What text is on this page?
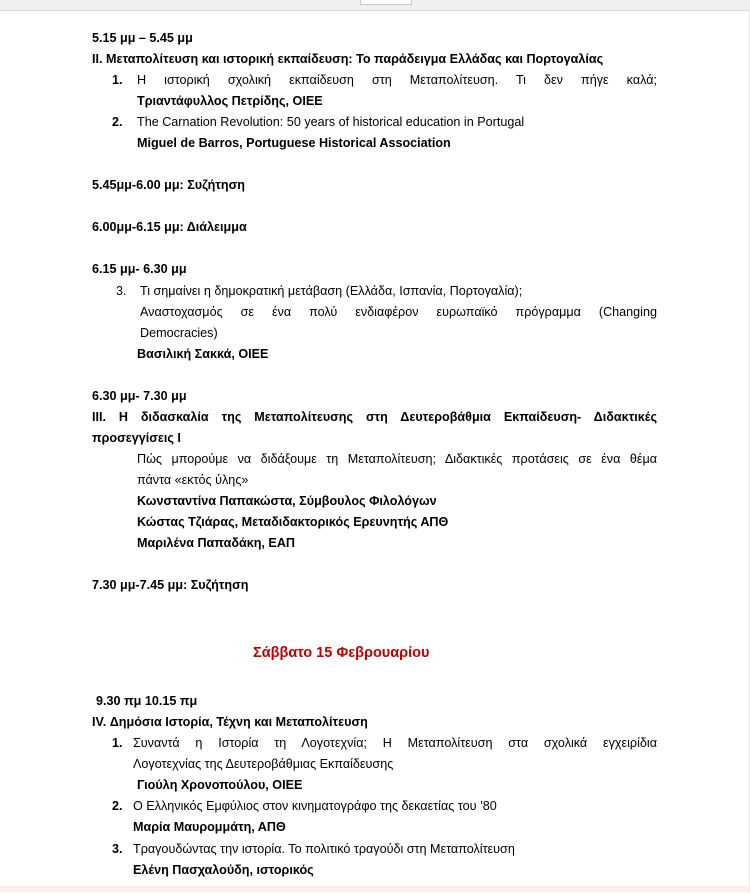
5.15 μμ – 5.45 μμ
ΙΙ. Μεταπολίτευση και ιστορική εκπαίδευση: Το παράδειγμα Ελλάδας και Πορτογαλίας
1. Η ιστορική σχολική εκπαίδευση στη Μεταπολίτευση. Τι δεν πήγε καλά;
Τριαντάφυλλος Πετρίδης, ΟΙΕΕ
2. The Carnation Revolution: 50 years of historical education in Portugal
Miguel de Barros, Portuguese Historical Association
5.45μμ-6.00 μμ: Συζήτηση
6.00μμ-6.15 μμ: Διάλειμμα
6.15 μμ- 6.30 μμ
3. Τι σημαίνει η δημοκρατική μετάβαση (Ελλάδα, Ισπανία, Πορτογαλία);
Αναστοχασμός σε ένα πολύ ενδιαφέρον ευρωπαϊκό πρόγραμμα (Changing
Democracies)
Βασιλική Σακκά, ΟΙΕΕ
6.30 μμ- 7.30 μμ
ΙΙΙ. Η διδασκαλία της Μεταπολίτευσης στη Δευτεροβάθμια Εκπαίδευση- Διδακτικές
προσεγγίσεις Ι
Πώς μπορούμε να διδάξουμε τη Μεταπολίτευση; Διδακτικές προτάσεις σε ένα θέμα
πάντα «εκτός ύλης»
Κωνσταντίνα Παπακώστα, Σύμβουλος Φιλολόγων
Κώστας Τζιάρας, Μεταδιδακτορικός Ερευνητής ΑΠΘ
Μαριλένα Παπαδάκη, ΕΑΠ
7.30 μμ-7.45 μμ: Συζήτηση
Σάββατο 15 Φεβρουαρίου
9.30 πμ 10.15 πμ
IV. Δημόσια Ιστορία, Τέχνη και Μεταπολίτευση
1. Συναντά η Ιστορία τη Λογοτεχνία; Η Μεταπολίτευση στα σχολικά εγχειρίδια
Λογοτεχνίας της Δευτεροβάθμιας Εκπαίδευσης
Γιούλη Χρονοπούλου, ΟΙΕΕ
2. Ο Ελληνικός Εμφύλιος στον κινηματογράφο της δεκαετίας του ’80
Μαρία Μαυρομμάτη, ΑΠΘ
3. Τραγουδώντας την ιστορία. Το πολιτικό τραγούδι στη Μεταπολίτευση
Ελένη Πασχαλούδη, ιστορικός
